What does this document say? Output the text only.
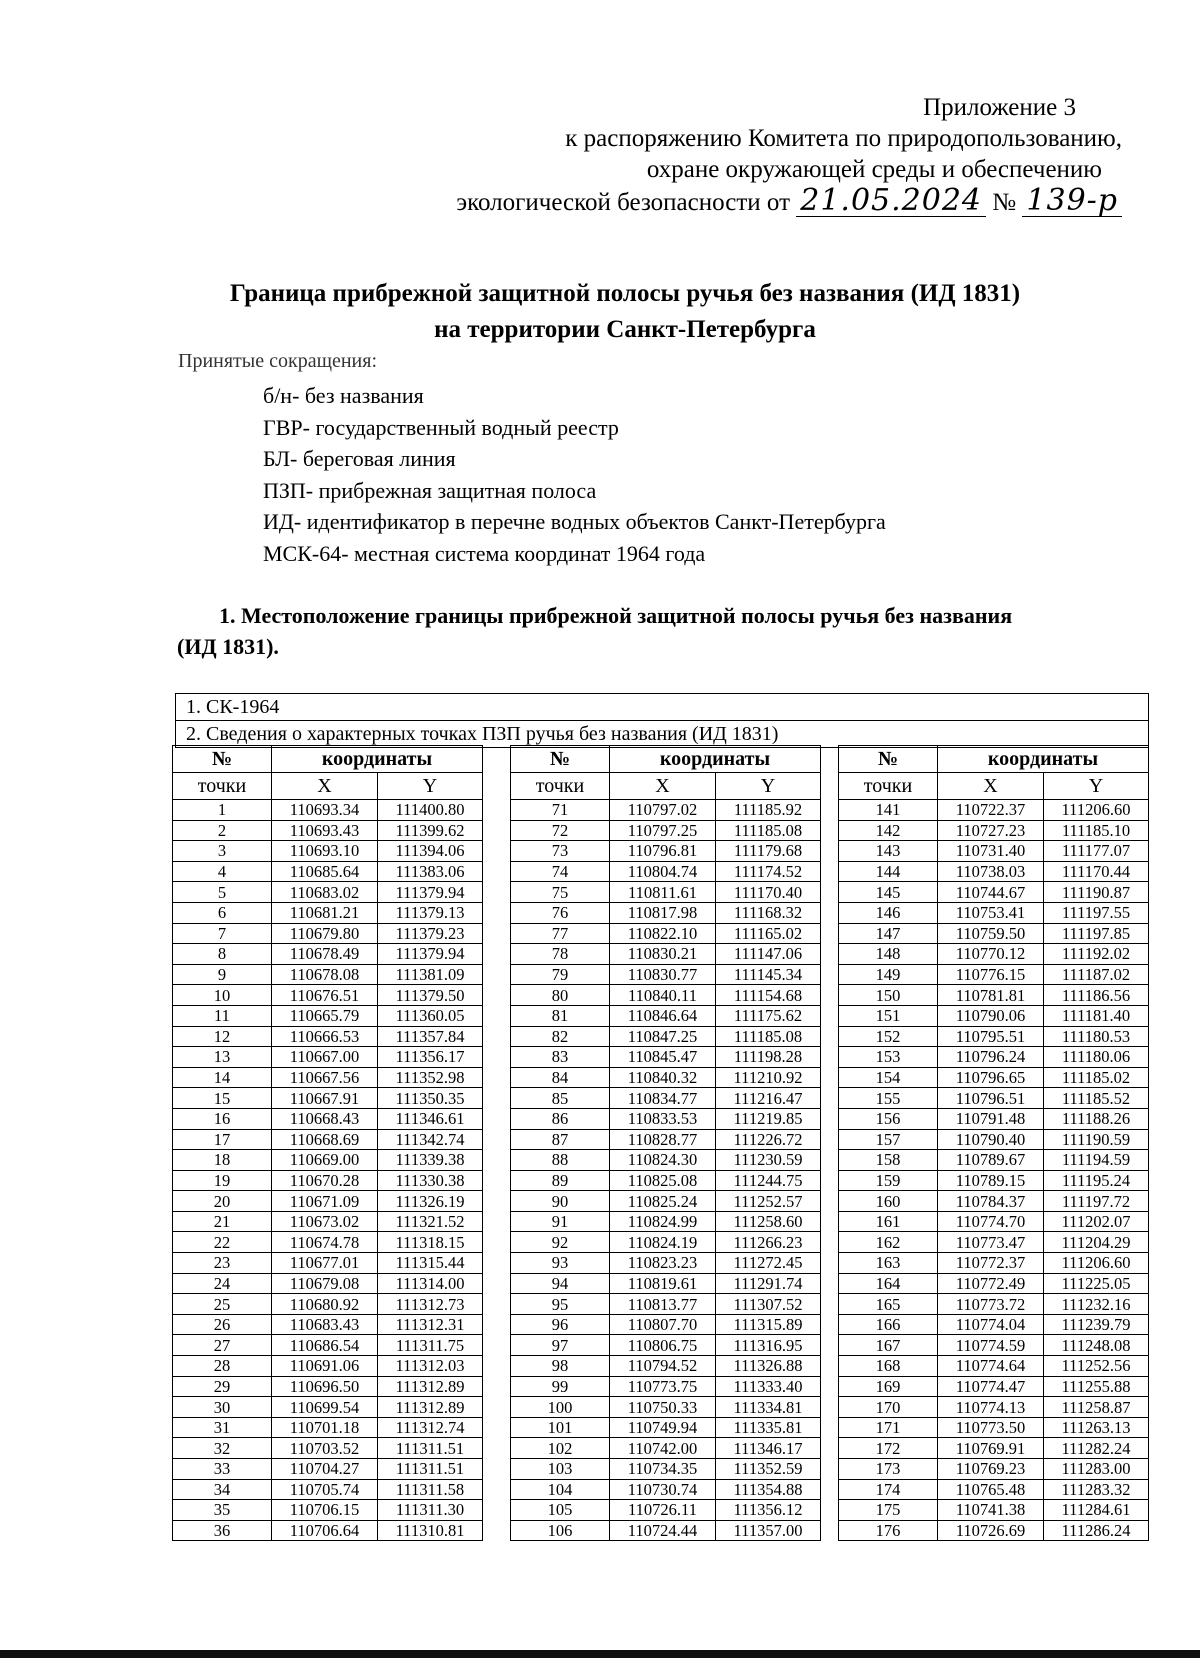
Приложение 3
к распоряжению Комитета по природопользованию,
охране окружающей среды и обеспечению
экологической безопасности от 21.05.2024 № 139-р
Граница прибрежной защитной полосы ручья без названия (ИД 1831)
на территории Санкт-Петербурга
Принятые сокращения:
б/н- без названия
ГВР- государственный водный реестр
БЛ- береговая линия
ПЗП- прибрежная защитная полоса
ИД- идентификатор в перечне водных объектов Санкт-Петербурга
МСК-64- местная система координат 1964 года
1. Местоположение границы прибрежной защитной полосы ручья без названия
(ИД 1831).
1. СК-1964
2. Сведения о характерных точках ПЗП ручья без названия (ИД 1831)
№	координаты	
точки	X	Y
1	110693.34	111400.80
2	110693.43	111399.62
3	110693.10	111394.06
4	110685.64	111383.06
5	110683.02	111379.94
6	110681.21	111379.13
7	110679.80	111379.23
8	110678.49	111379.94
9	110678.08	111381.09
10	110676.51	111379.50
11	110665.79	111360.05
12	110666.53	111357.84
13	110667.00	111356.17
14	110667.56	111352.98
15	110667.91	111350.35
16	110668.43	111346.61
17	110668.69	111342.74
18	110669.00	111339.38
19	110670.28	111330.38
20	110671.09	111326.19
21	110673.02	111321.52
22	110674.78	111318.15
23	110677.01	111315.44
24	110679.08	111314.00
25	110680.92	111312.73
26	110683.43	111312.31
27	110686.54	111311.75
28	110691.06	111312.03
29	110696.50	111312.89
30	110699.54	111312.89
31	110701.18	111312.74
32	110703.52	111311.51
33	110704.27	111311.51
34	110705.74	111311.58
35	110706.15	111311.30
36	110706.64	111310.81
№	координаты	
точки	X	Y
71	110797.02	111185.92
72	110797.25	111185.08
73	110796.81	111179.68
74	110804.74	111174.52
75	110811.61	111170.40
76	110817.98	111168.32
77	110822.10	111165.02
78	110830.21	111147.06
79	110830.77	111145.34
80	110840.11	111154.68
81	110846.64	111175.62
82	110847.25	111185.08
83	110845.47	111198.28
84	110840.32	111210.92
85	110834.77	111216.47
86	110833.53	111219.85
87	110828.77	111226.72
88	110824.30	111230.59
89	110825.08	111244.75
90	110825.24	111252.57
91	110824.99	111258.60
92	110824.19	111266.23
93	110823.23	111272.45
94	110819.61	111291.74
95	110813.77	111307.52
96	110807.70	111315.89
97	110806.75	111316.95
98	110794.52	111326.88
99	110773.75	111333.40
100	110750.33	111334.81
101	110749.94	111335.81
102	110742.00	111346.17
103	110734.35	111352.59
104	110730.74	111354.88
105	110726.11	111356.12
106	110724.44	111357.00
№	координаты	
точки	X	Y
141	110722.37	111206.60
142	110727.23	111185.10
143	110731.40	111177.07
144	110738.03	111170.44
145	110744.67	111190.87
146	110753.41	111197.55
147	110759.50	111197.85
148	110770.12	111192.02
149	110776.15	111187.02
150	110781.81	111186.56
151	110790.06	111181.40
152	110795.51	111180.53
153	110796.24	111180.06
154	110796.65	111185.02
155	110796.51	111185.52
156	110791.48	111188.26
157	110790.40	111190.59
158	110789.67	111194.59
159	110789.15	111195.24
160	110784.37	111197.72
161	110774.70	111202.07
162	110773.47	111204.29
163	110772.37	111206.60
164	110772.49	111225.05
165	110773.72	111232.16
166	110774.04	111239.79
167	110774.59	111248.08
168	110774.64	111252.56
169	110774.47	111255.88
170	110774.13	111258.87
171	110773.50	111263.13
172	110769.91	111282.24
173	110769.23	111283.00
174	110765.48	111283.32
175	110741.38	111284.61
176	110726.69	111286.24
